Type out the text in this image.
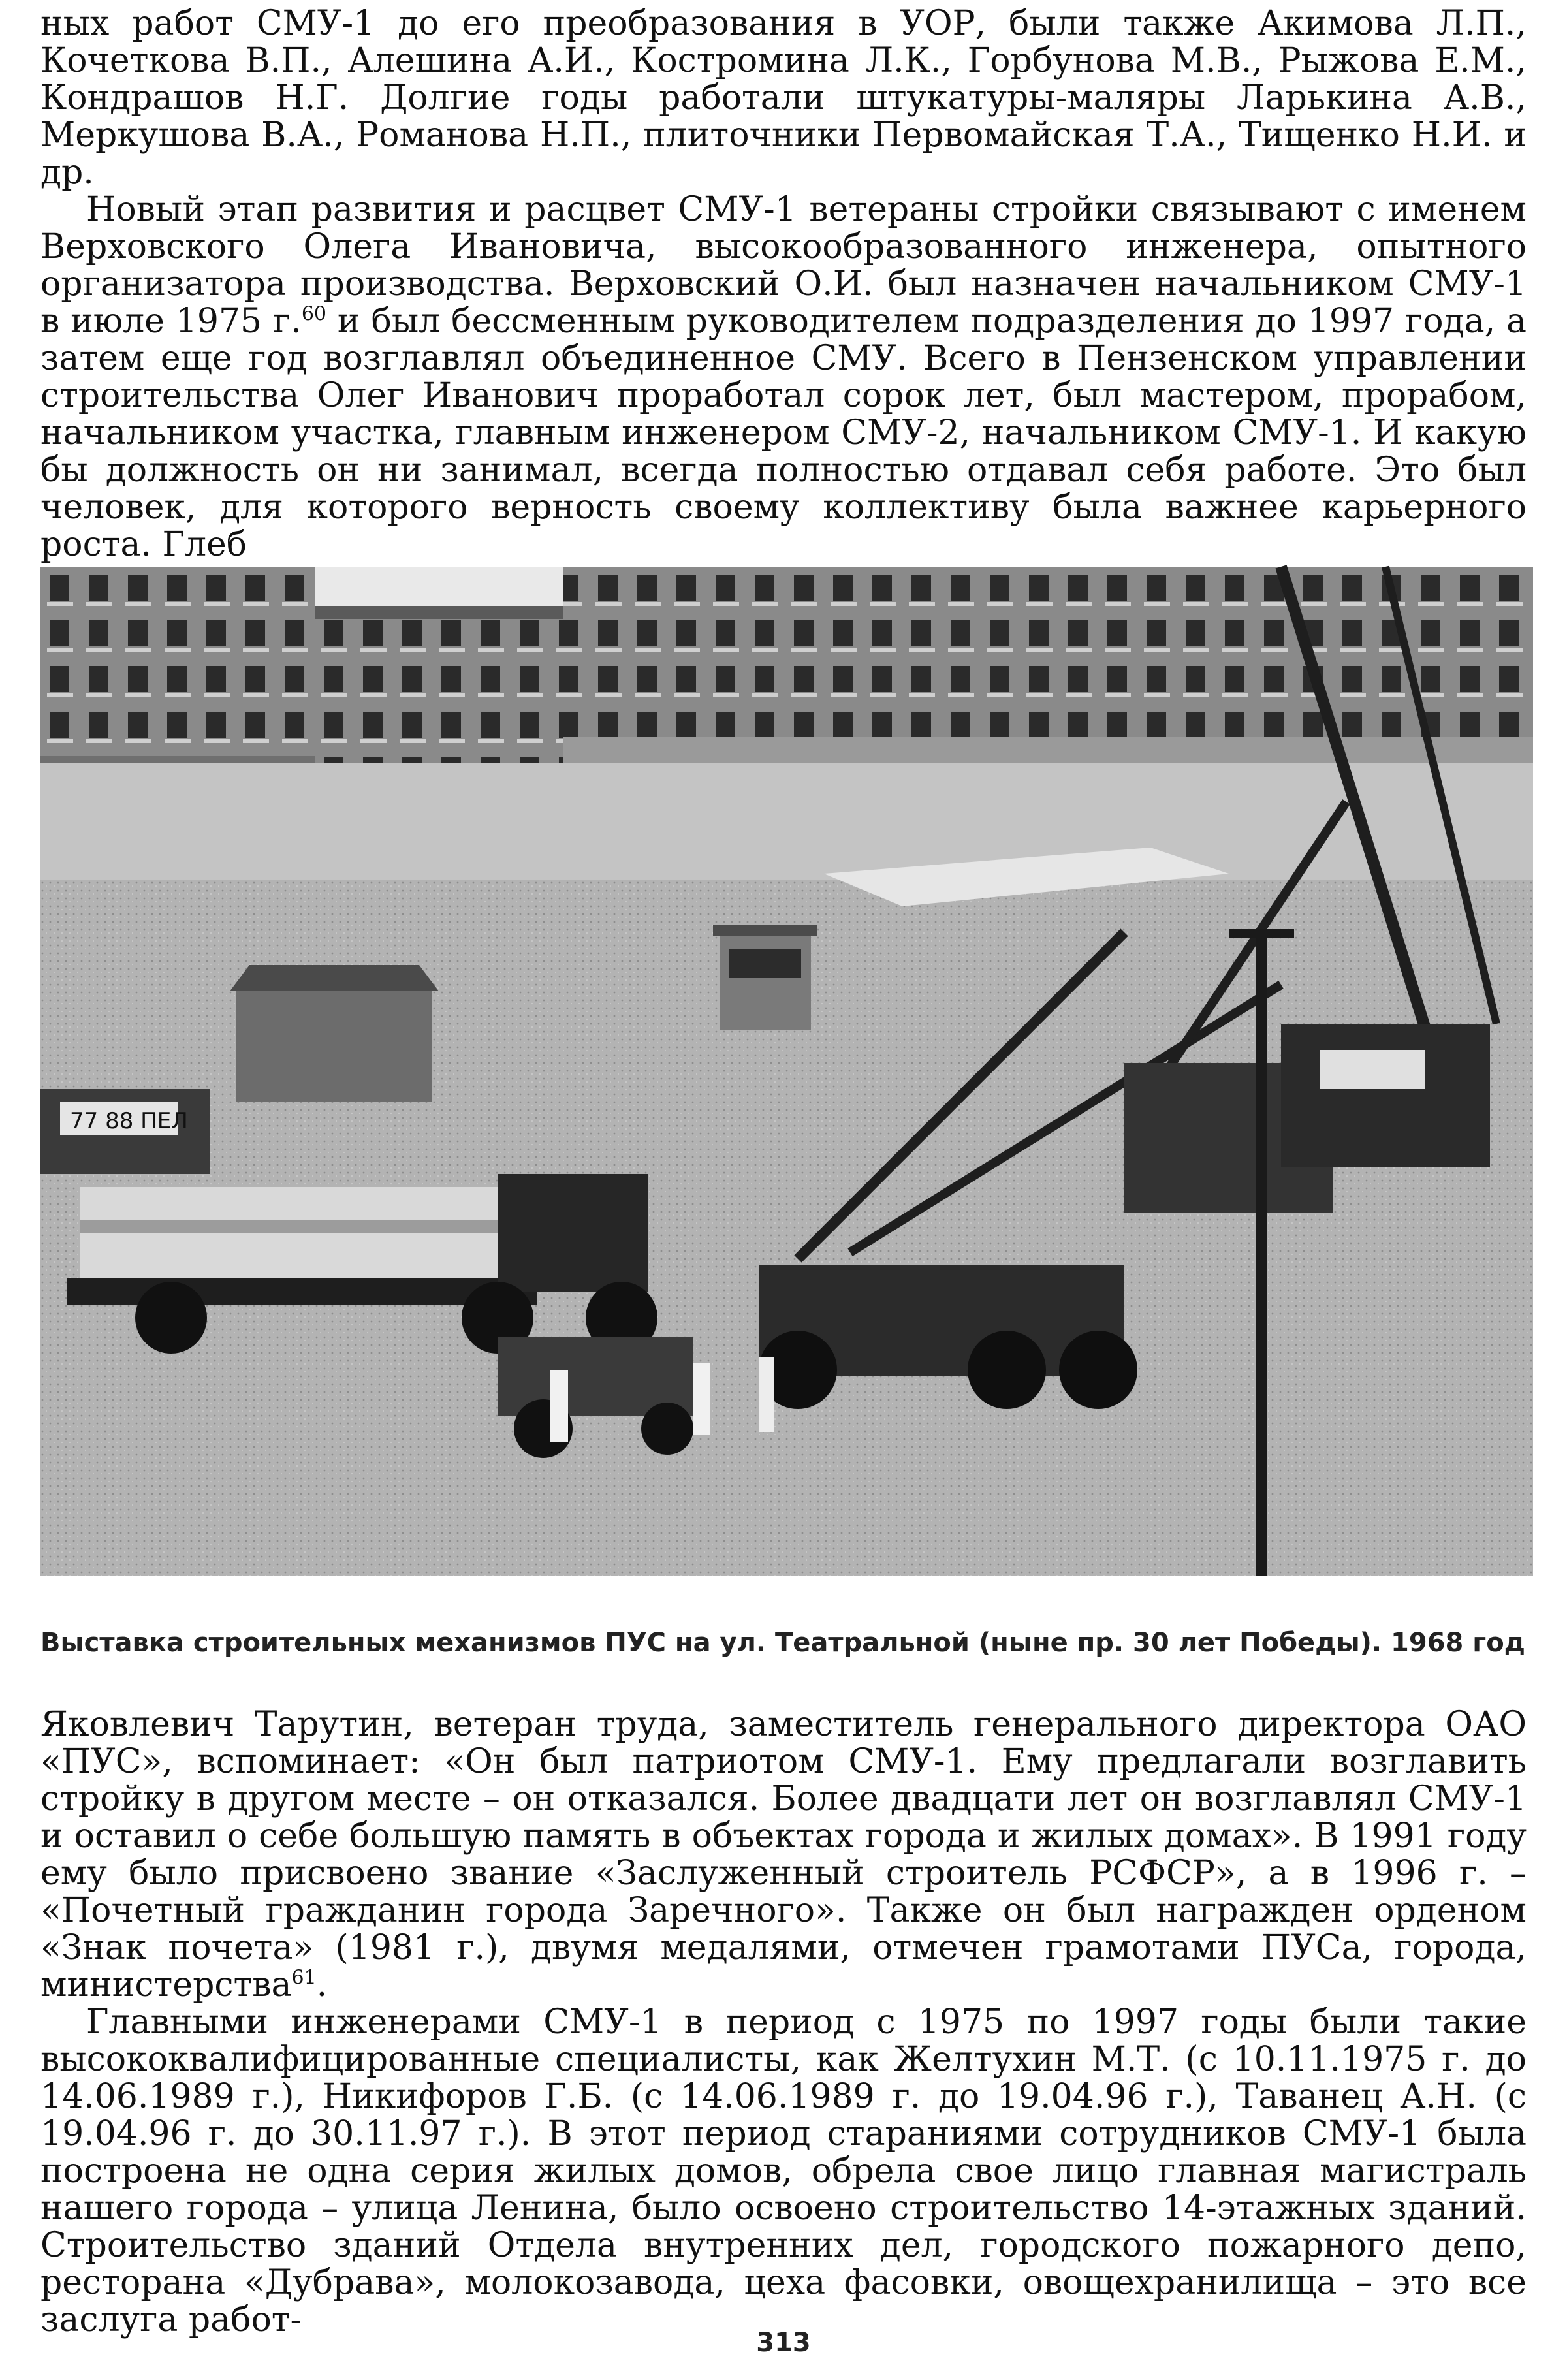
ных работ СМУ-1 до его преобразования в УОР, были также Акимова Л.П., Кочеткова В.П., Алешина А.И., Костромина Л.К., Горбунова М.В., Рыжова Е.М., Кондрашов Н.Г. Долгие годы работали штукатуры-маляры Ларькина А.В., Меркушова В.А., Романова Н.П., плиточники Первомайская Т.А., Тищенко Н.И. и др.

Новый этап развития и расцвет СМУ-1 ветераны стройки связывают с именем Верховского Олега Ивановича, высокообразованного инженера, опытного организатора производства. Верховский О.И. был назначен начальником СМУ-1 в июле 1975 г.$^{60}$ и был бессменным руководителем подразделения до 1997 года, а затем еще год возглавлял объединенное СМУ. Всего в Пензенском управлении строительства Олег Иванович проработал сорок лет, был мастером, прорабом, начальником участка, главным инженером СМУ-2, начальником СМУ-1. И какую бы должность он ни занимал, всегда полностью отдавал себя работе. Это был человек, для которого верность своему коллективу была важнее карьерного роста. Глеб

77 88 ПЕЛ
Выставка строительных механизмов ПУС на ул. Театральной (ныне пр. 30 лет Победы). 1968 год

Яковлевич Тарутин, ветеран труда, заместитель генерального директора ОАО «ПУС», вспоминает: «Он был патриотом СМУ-1. Ему предлагали возглавить стройку в другом месте – он отказался. Более двадцати лет он возглавлял СМУ-1 и оставил о себе большую память в объектах города и жилых домах». В 1991 году ему было присвоено звание «Заслуженный строитель РСФСР», а в 1996 г. – «Почетный гражданин города Заречного». Также он был награжден орденом «Знак почета» (1981 г.), двумя медалями, отмечен грамотами ПУСа, города, министерства$^{61}$.

Главными инженерами СМУ-1 в период с 1975 по 1997 годы были такие высококвалифицированные специалисты, как Желтухин М.Т. (с 10.11.1975 г. до 14.06.1989 г.), Никифоров Г.Б. (с 14.06.1989 г. до 19.04.96 г.), Таванец А.Н. (с 19.04.96 г. до 30.11.97 г.). В этот период стараниями сотрудников СМУ-1 была построена не одна серия жилых домов, обрела свое лицо главная магистраль нашего города – улица Ленина, было освоено строительство 14-этажных зданий. Строительство зданий Отдела внутренних дел, городского пожарного депо, ресторана «Дубрава», молокозавода, цеха фасовки, овощехранилища – это все заслуга работ-

313
